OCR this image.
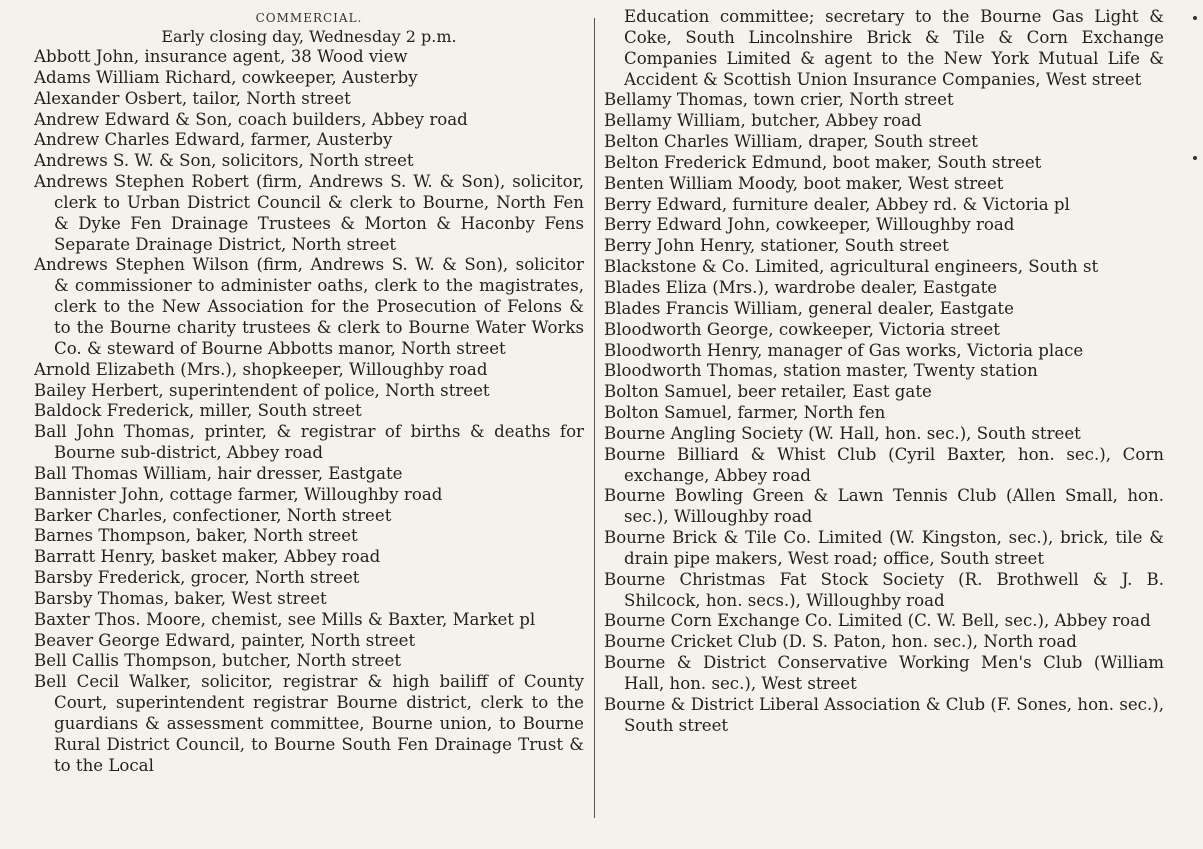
COMMERCIAL.
Early closing day, Wednesday 2 p.m.

Abbott John, insurance agent, 38 Wood view

Adams William Richard, cowkeeper, Austerby

Alexander Osbert, tailor, North street

Andrew Edward & Son, coach builders, Abbey road

Andrew Charles Edward, farmer, Austerby

Andrews S. W. & Son, solicitors, North street

Andrews Stephen Robert (firm, Andrews S. W. & Son), solicitor, clerk to Urban District Council & clerk to Bourne, North Fen & Dyke Fen Drainage Trustees & Morton & Haconby Fens Separate Drainage District, North street

Andrews Stephen Wilson (firm, Andrews S. W. & Son), solicitor & commissioner to administer oaths, clerk to the magistrates, clerk to the New Association for the Prosecution of Felons & to the Bourne charity trustees & clerk to Bourne Water Works Co. & steward of Bourne Abbotts manor, North street

Arnold Elizabeth (Mrs.), shopkeeper, Willoughby road

Bailey Herbert, superintendent of police, North street

Baldock Frederick, miller, South street

Ball John Thomas, printer, & registrar of births & deaths for Bourne sub-district, Abbey road

Ball Thomas William, hair dresser, Eastgate

Bannister John, cottage farmer, Willoughby road

Barker Charles, confectioner, North street

Barnes Thompson, baker, North street

Barratt Henry, basket maker, Abbey road

Barsby Frederick, grocer, North street

Barsby Thomas, baker, West street

Baxter Thos. Moore, chemist, see Mills & Baxter, Market pl

Beaver George Edward, painter, North street

Bell Callis Thompson, butcher, North street

Bell Cecil Walker, solicitor, registrar & high bailiff of County Court, superintendent registrar Bourne district, clerk to the guardians & assessment committee, Bourne union, to Bourne Rural District Council, to Bourne South Fen Drainage Trust & to the Local

Education committee; secretary to the Bourne Gas Light & Coke, South Lincolnshire Brick & Tile & Corn Exchange Companies Limited & agent to the New York Mutual Life & Accident & Scottish Union Insurance Companies, West street

Bellamy Thomas, town crier, North street

Bellamy William, butcher, Abbey road

Belton Charles William, draper, South street

Belton Frederick Edmund, boot maker, South street

Benten William Moody, boot maker, West street

Berry Edward, furniture dealer, Abbey rd. & Victoria pl

Berry Edward John, cowkeeper, Willoughby road

Berry John Henry, stationer, South street

Blackstone & Co. Limited, agricultural engineers, South st

Blades Eliza (Mrs.), wardrobe dealer, Eastgate

Blades Francis William, general dealer, Eastgate

Bloodworth George, cowkeeper, Victoria street

Bloodworth Henry, manager of Gas works, Victoria place

Bloodworth Thomas, station master, Twenty station

Bolton Samuel, beer retailer, East gate

Bolton Samuel, farmer, North fen

Bourne Angling Society (W. Hall, hon. sec.), South street

Bourne Billiard & Whist Club (Cyril Baxter, hon. sec.), Corn exchange, Abbey road

Bourne Bowling Green & Lawn Tennis Club (Allen Small, hon. sec.), Willoughby road

Bourne Brick & Tile Co. Limited (W. Kingston, sec.), brick, tile & drain pipe makers, West road; office, South street

Bourne Christmas Fat Stock Society (R. Brothwell & J. B. Shilcock, hon. secs.), Willoughby road

Bourne Corn Exchange Co. Limited (C. W. Bell, sec.), Abbey road

Bourne Cricket Club (D. S. Paton, hon. sec.), North road

Bourne & District Conservative Working Men's Club (William Hall, hon. sec.), West street

Bourne & District Liberal Association & Club (F. Sones, hon. sec.), South street
